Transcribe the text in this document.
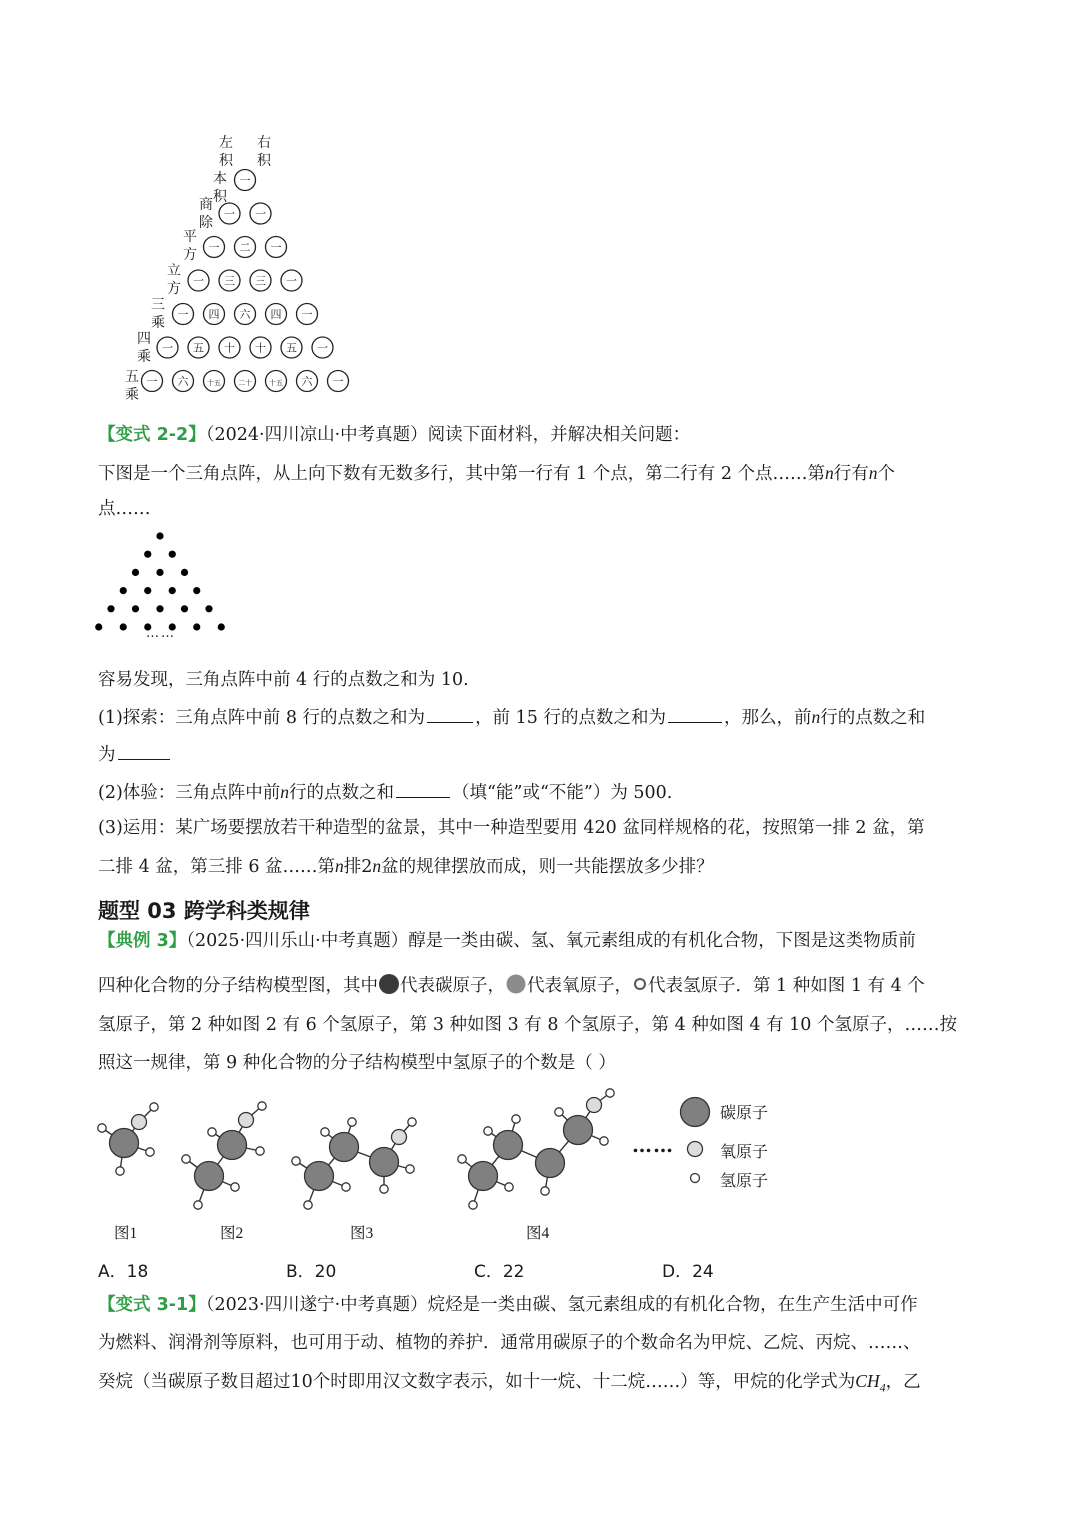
左积
右积
本积
商除
平方
立方
三乘
四乘
五乘
一
一 一
一 二 一
一 三 三 一
一 四 六 四 一
一 五 十 十 五 一
一 六	十五 二十 十五 六 一
【变式 2-2】（2024·四川凉山·中考真题）阅读下面材料，并解决相关问题：
下图是一个三角点阵，从上向下数有无数多行，其中第一行有 1 个点，第二行有 2 个点……第n行有n个
点……
……
容易发现，三角点阵中前 4 行的点数之和为 10.
(1)探索：三角点阵中前 8 行的点数之和为	，前 15 行的点数之和为	，那么，前n行的点数之和
为
(2)体验：三角点阵中前n行的点数之和	（填“能”或“不能”）为 500.
(3)运用：某广场要摆放若干种造型的盆景，其中一种造型要用 420 盆同样规格的花，按照第一排 2 盆，第
二排 4 盆，第三排 6 盆……第n排2n盆的规律摆放而成，则一共能摆放多少排？
题型 03 跨学科类规律
【典例 3】（2025·四川乐山·中考真题）醇是一类由碳、氢、氧元素组成的有机化合物，下图是这类物质前
四种化合物的分子结构模型图，其中 代表碳原子， 代表氧原子， 代表氢原子．第 1 种如图 1 有 4 个
氢原子，第 2 种如图 2 有 6 个氢原子，第 3 种如图 3 有 8 个氢原子，第 4 种如图 4 有 10 个氢原子，……按
照这一规律，第 9 种化合物的分子结构模型中氢原子的个数是（ ）
……
碳原子
氧原子
氢原子
图1	图2	图3	图4
A．18	B．20	C．22	D．24
【变式 3-1】（2023·四川遂宁·中考真题）烷烃是一类由碳、氢元素组成的有机化合物，在生产生活中可作
为燃料、润滑剂等原料，也可用于动、植物的养护．通常用碳原子的个数命名为甲烷、乙烷、丙烷、……、
癸烷（当碳原子数目超过10个时即用汉文数字表示，如十一烷、十二烷……）等，甲烷的化学式为$CH_4$，乙
